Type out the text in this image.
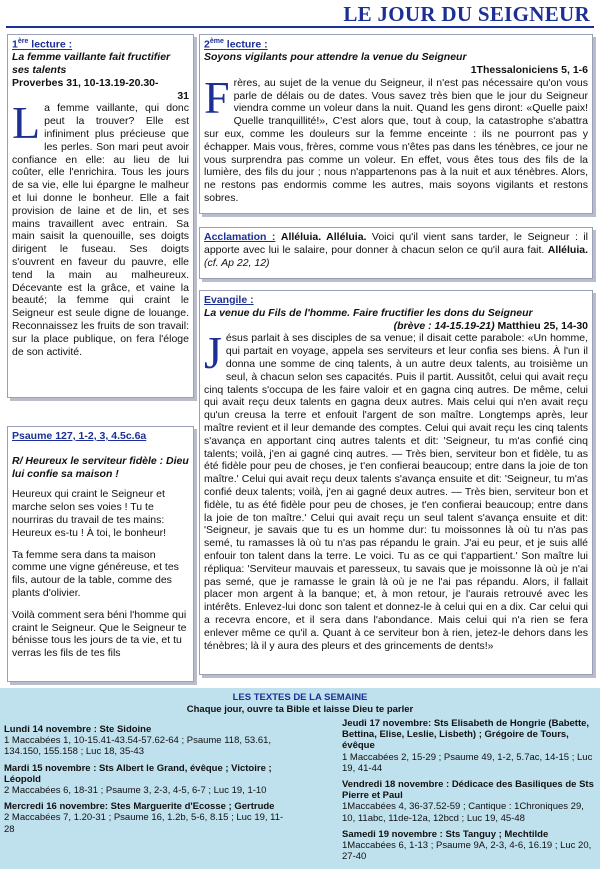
LE JOUR DU SEIGNEUR
1ère lecture :
La femme vaillante fait fructifier ses talents
Proverbes 31, 10-13.19-20.30-
31
La femme vaillante, qui donc peut la trouver? Elle est infiniment plus précieuse que les perles. Son mari peut avoir confiance en elle: au lieu de lui coûter, elle l'enrichira. Tous les jours de sa vie, elle lui épargne le malheur et lui donne le bonheur. Elle a fait provision de laine et de lin, et ses mains travaillent avec entrain. Sa main saisit la quenouille, ses doigts dirigent le fuseau. Ses doigts s'ouvrent en faveur du pauvre, elle tend la main au malheureux. Décevante est la grâce, et vaine la beauté; la femme qui craint le Seigneur est seule digne de louange. Reconnaissez les fruits de son travail: sur la place publique, on fera l'éloge de son activité.
Psaume 127, 1-2, 3, 4.5c.6a
R/ Heureux le serviteur fidèle : Dieu lui confie sa maison !

Heureux qui craint le Seigneur et marche selon ses voies ! Tu te nourriras du travail de tes mains: Heureux es-tu ! À toi, le bonheur!

Ta femme sera dans ta maison comme une vigne généreuse, et tes fils, autour de la table, comme des plants d'olivier.

Voilà comment sera béni l'homme qui craint le Seigneur. Que le Seigneur te bénisse tous les jours de ta vie, et tu verras les fils de tes fils

2ème lecture :
Soyons vigilants pour attendre la venue du Seigneur
1Thessaloniciens 5, 1-6
Frères, au sujet de la venue du Seigneur, il n'est pas nécessaire qu'on vous parle de délais ou de dates. Vous savez très bien que le jour du Seigneur viendra comme un voleur dans la nuit. Quand les gens diront: «Quelle paix! Quelle tranquillité!», C'est alors que, tout à coup, la catastrophe s'abattra sur eux, comme les douleurs sur la femme enceinte : ils ne pourront pas y échapper. Mais vous, frères, comme vous n'êtes pas dans les ténèbres, ce jour ne vous surprendra pas comme un voleur. En effet, vous êtes tous des fils de la lumière, des fils du jour ; nous n'appartenons pas à la nuit et aux ténèbres. Alors, ne restons pas endormis comme les autres, mais soyons vigilants et restons sobres.
Acclamation : Alléluia. Alléluia. Voici qu'il vient sans tarder, le Seigneur : il apporte avec lui le salaire, pour donner à chacun selon ce qu'il aura fait. Alléluia. (cf. Ap 22, 12)
Evangile :
La venue du Fils de l'homme. Faire fructifier les dons du Seigneur
(brève : 14-15.19-21) Matthieu 25, 14-30
Jésus parlait à ses disciples de sa venue; il disait cette parabole: «Un homme, qui partait en voyage, appela ses serviteurs et leur confia ses biens. À l'un il donna une somme de cinq talents, à un autre deux talents, au troisième un seul, à chacun selon ses capacités. Puis il partit. Aussitôt, celui qui avait reçu cinq talents s'occupa de les faire valoir et en gagna cinq autres. De même, celui qui avait reçu deux talents en gagna deux autres. Mais celui qui n'en avait reçu qu'un creusa la terre et enfouit l'argent de son maître. Longtemps après, leur maître revient et il leur demande des comptes. Celui qui avait reçu les cinq talents s'avança en apportant cinq autres talents et dit: 'Seigneur, tu m'as confié cinq talents; voilà, j'en ai gagné cinq autres. — Très bien, serviteur bon et fidèle, tu as été fidèle pour peu de choses, je t'en confierai beaucoup; entre dans la joie de ton maître.' Celui qui avait reçu deux talents s'avança ensuite et dit: 'Seigneur, tu m'as confié deux talents; voilà, j'en ai gagné deux autres. — Très bien, serviteur bon et fidèle, tu as été fidèle pour peu de choses, je t'en confierai beaucoup; entre dans la joie de ton maître.' Celui qui avait reçu un seul talent s'avança ensuite et dit: 'Seigneur, je savais que tu es un homme dur: tu moissonnes là où tu n'as pas semé, tu ramasses là où tu n'as pas répandu le grain. J'ai eu peur, et je suis allé enfouir ton talent dans la terre. Le voici. Tu as ce qui t'appartient.' Son maître lui répliqua: 'Serviteur mauvais et paresseux, tu savais que je moissonne là où je n'ai pas semé, que je ramasse le grain là où je ne l'ai pas répandu. Alors, il fallait placer mon argent à la banque; et, à mon retour, je l'aurais retrouvé avec les intérêts. Enlevez-lui donc son talent et donnez-le à celui qui en a dix. Car celui qui a recevra encore, et il sera dans l'abondance. Mais celui qui n'a rien se fera enlever même ce qu'il a. Quant à ce serviteur bon à rien, jetez-le dehors dans les ténèbres; là il y aura des pleurs et des grincements de dents!»
LES TEXTES DE LA SEMAINE
Chaque jour, ouvre ta Bible et laisse Dieu te parler
Lundi 14 novembre : Ste Sidoine
1 Maccabées 1, 10-15.41-43.54-57.62-64 ; Psaume 118, 53.61, 134.150, 155.158 ; Luc 18, 35-43
Mardi 15 novembre : Sts Albert le Grand, évêque ; Victoire ; Léopold
2 Maccabées 6, 18-31 ; Psaume 3, 2-3, 4-5, 6-7 ; Luc 19, 1-10
Mercredi 16 novembre: Stes Marguerite d'Ecosse ; Gertrude
2 Maccabées 7, 1.20-31 ; Psaume 16, 1.2b, 5-6, 8.15 ; Luc 19, 11-28
Jeudi 17 novembre: Sts Elisabeth de Hongrie (Babette, Bettina, Elise, Leslie, Lisbeth) ; Grégoire de Tours, évêque
1 Maccabées 2, 15-29 ; Psaume 49, 1-2, 5.7ac, 14-15 ; Luc 19, 41-44
Vendredi 18 novembre : Dédicace des Basiliques de Sts Pierre et Paul
1Maccabées 4, 36-37.52-59 ; Cantique : 1Chroniques 29, 10, 11abc, 11de-12a, 12bcd ; Luc 19, 45-48
Samedi 19 novembre : Sts Tanguy ; Mechtilde
1Maccabées 6, 1-13 ; Psaume 9A, 2-3, 4-6, 16.19 ; Luc 20, 27-40
